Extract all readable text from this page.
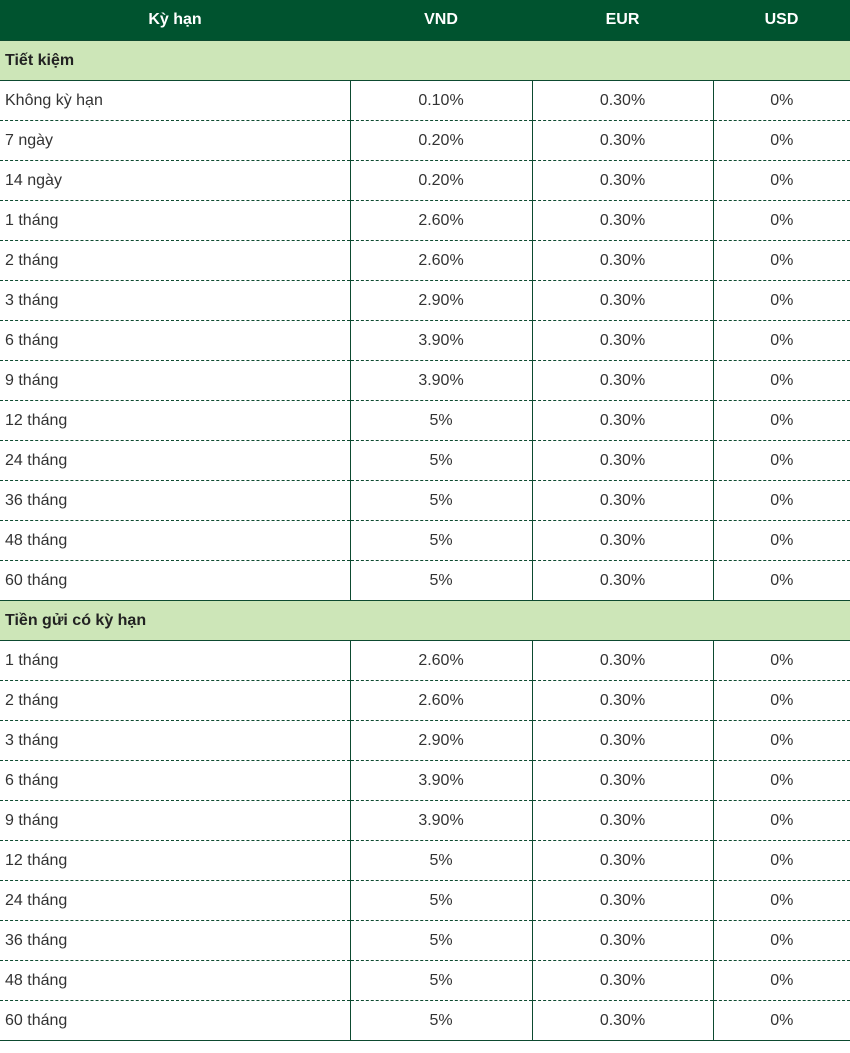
Kỳ hạn	VND	EUR	USD
Tiết kiệm			
Không kỳ hạn	0.10%	0.30%	0%
7 ngày	0.20%	0.30%	0%
14 ngày	0.20%	0.30%	0%
1 tháng	2.60%	0.30%	0%
2 tháng	2.60%	0.30%	0%
3 tháng	2.90%	0.30%	0%
6 tháng	3.90%	0.30%	0%
9 tháng	3.90%	0.30%	0%
12 tháng	5%	0.30%	0%
24 tháng	5%	0.30%	0%
36 tháng	5%	0.30%	0%
48 tháng	5%	0.30%	0%
60 tháng	5%	0.30%	0%
Tiền gửi có kỳ hạn			
1 tháng	2.60%	0.30%	0%
2 tháng	2.60%	0.30%	0%
3 tháng	2.90%	0.30%	0%
6 tháng	3.90%	0.30%	0%
9 tháng	3.90%	0.30%	0%
12 tháng	5%	0.30%	0%
24 tháng	5%	0.30%	0%
36 tháng	5%	0.30%	0%
48 tháng	5%	0.30%	0%
60 tháng	5%	0.30%	0%
